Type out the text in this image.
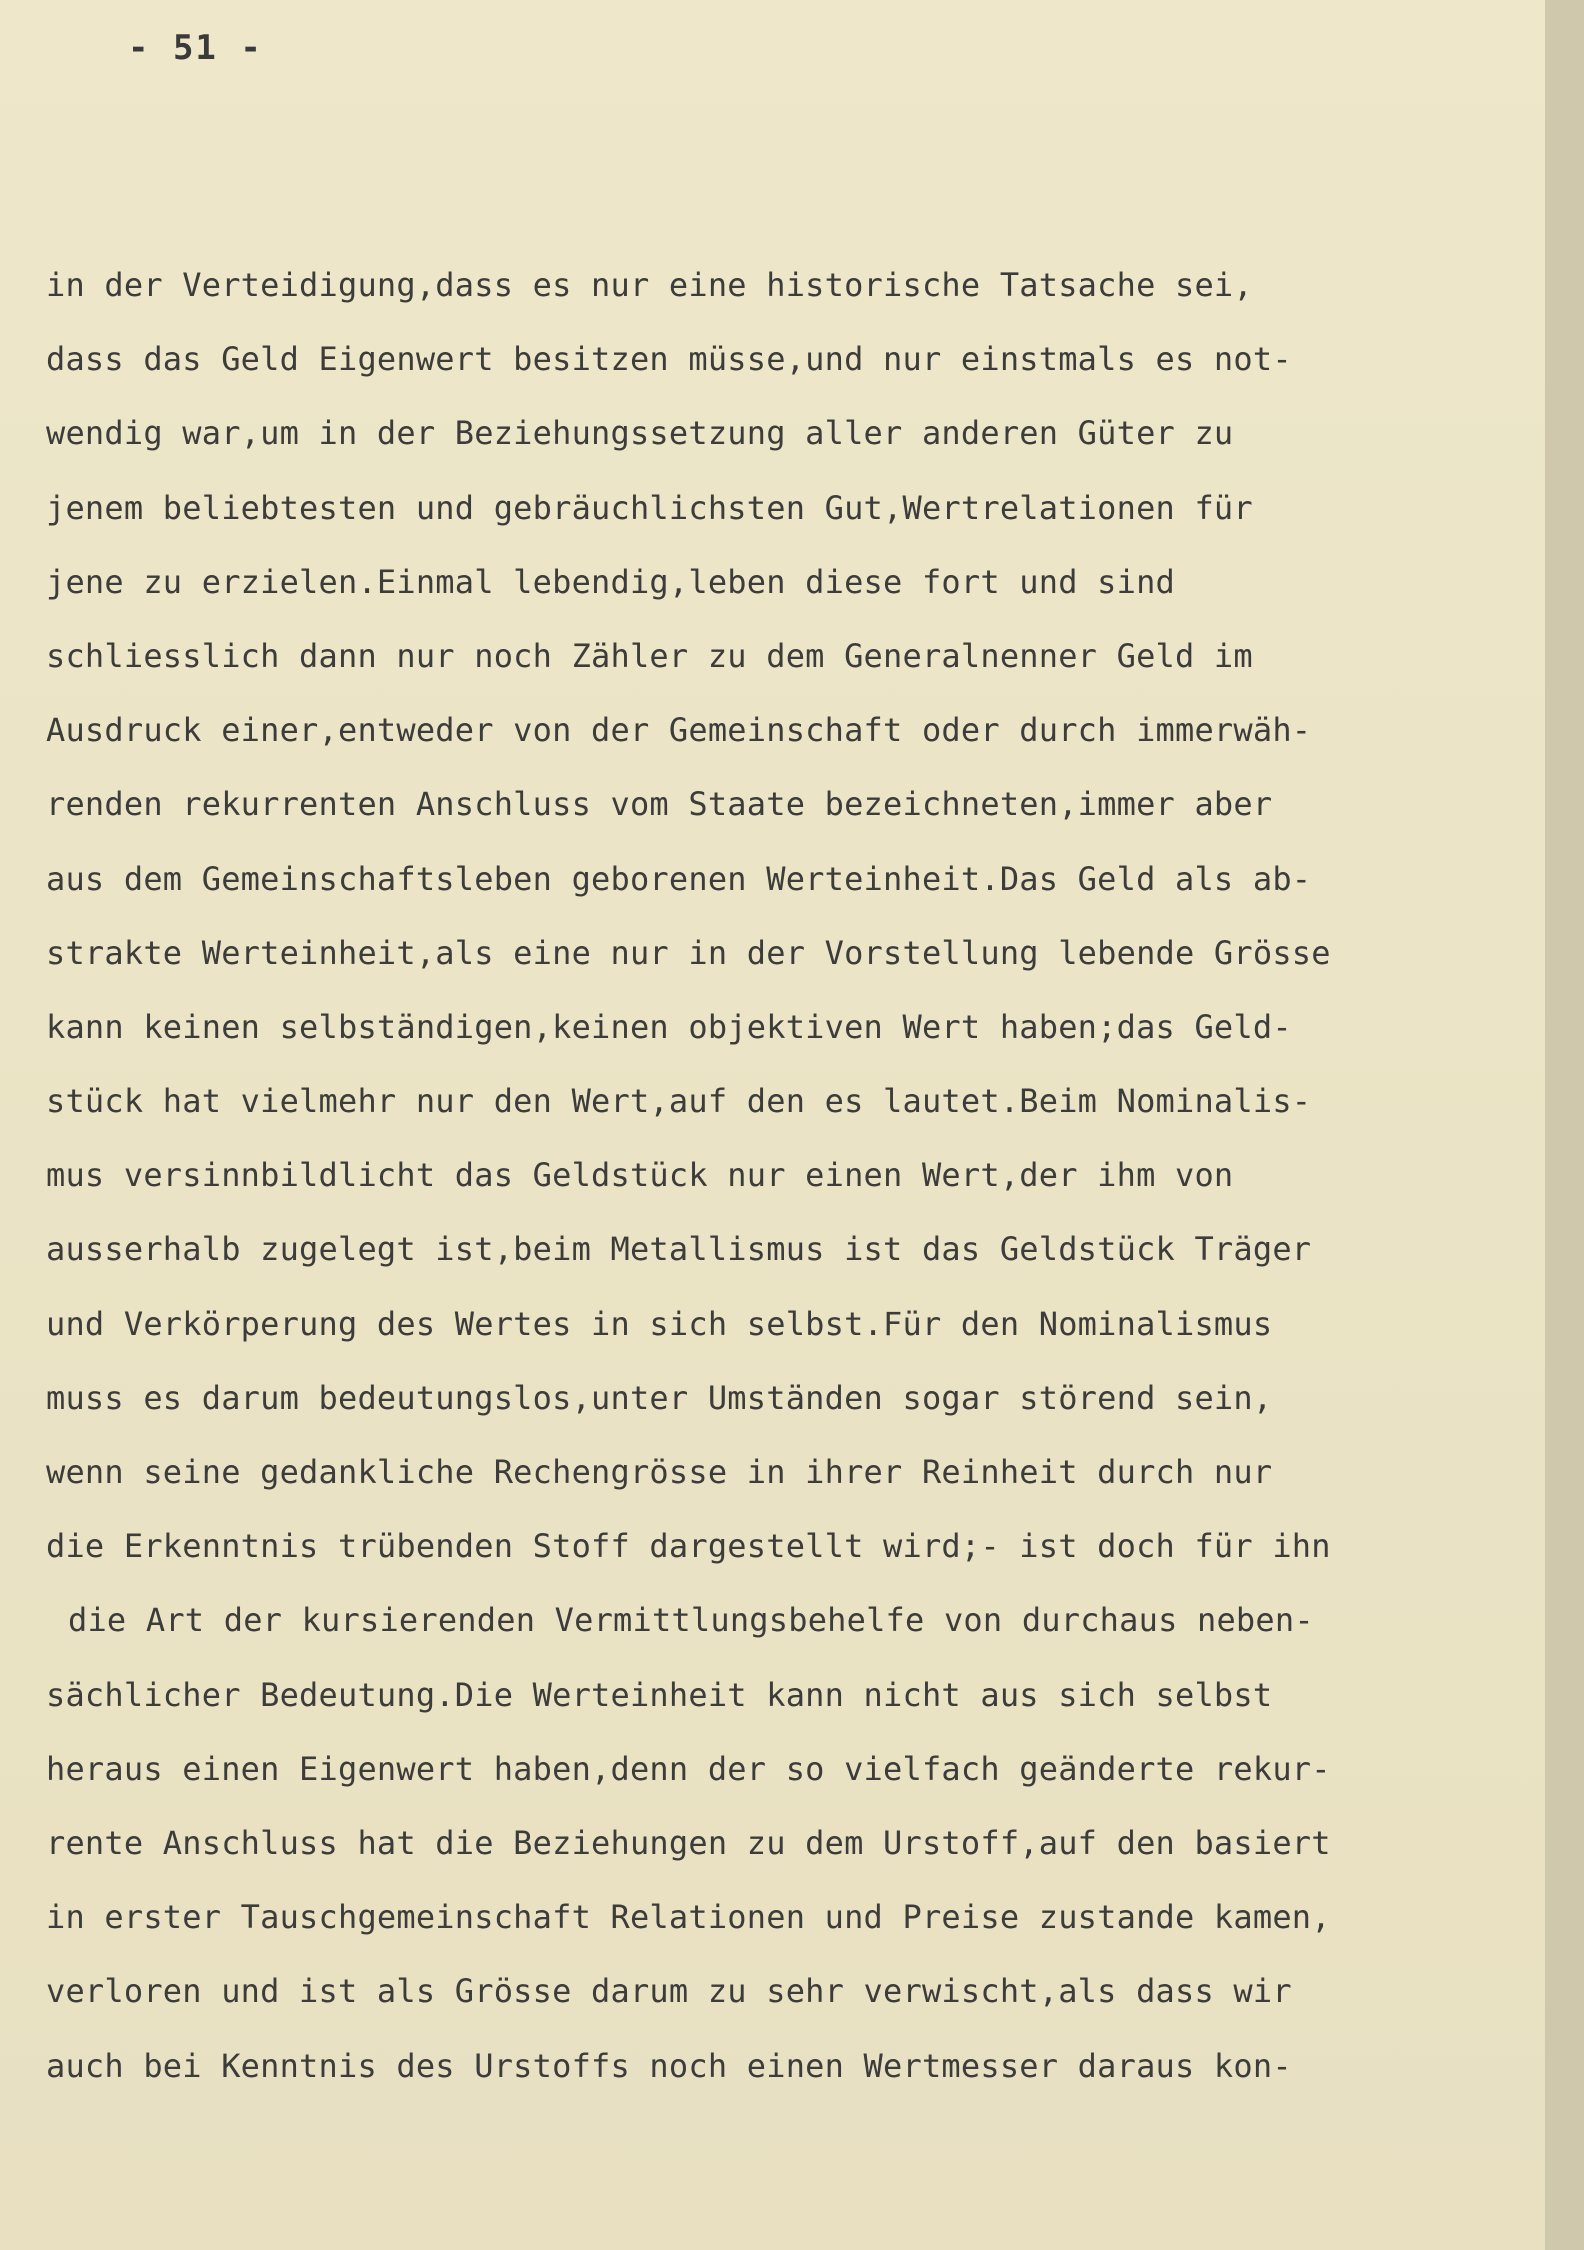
- 51 -
in der Verteidigung,dass es nur eine historische Tatsache sei,
dass das Geld Eigenwert besitzen müsse,und nur einstmals es not-
wendig war,um in der Beziehungssetzung aller anderen Güter zu
jenem beliebtesten und gebräuchlichsten Gut,Wertrelationen für
jene zu erzielen.Einmal lebendig,leben diese fort und sind
schliesslich dann nur noch Zähler zu dem Generalnenner Geld im
Ausdruck einer,entweder von der Gemeinschaft oder durch immerwäh-
renden rekurrenten Anschluss vom Staate bezeichneten,immer aber
aus dem Gemeinschaftsleben geborenen Werteinheit.Das Geld als ab-
strakte Werteinheit,als eine nur in der Vorstellung lebende Grösse
kann keinen selbständigen,keinen objektiven Wert haben;das Geld-
stück hat vielmehr nur den Wert,auf den es lautet.Beim Nominalis-
mus versinnbildlicht das Geldstück nur einen Wert,der ihm von
ausserhalb zugelegt ist,beim Metallismus ist das Geldstück Träger
und Verkörperung des Wertes in sich selbst.Für den Nominalismus
muss es darum bedeutungslos,unter Umständen sogar störend sein,
wenn seine gedankliche Rechengrösse in ihrer Reinheit durch nur
die Erkenntnis trübenden Stoff dargestellt wird;- ist doch für ihn
die Art der kursierenden Vermittlungsbehelfe von durchaus neben-
sächlicher Bedeutung.Die Werteinheit kann nicht aus sich selbst
heraus einen Eigenwert haben,denn der so vielfach geänderte rekur-
rente Anschluss hat die Beziehungen zu dem Urstoff,auf den basiert
in erster Tauschgemeinschaft Relationen und Preise zustande kamen,
verloren und ist als Grösse darum zu sehr verwischt,als dass wir
auch bei Kenntnis des Urstoffs noch einen Wertmesser daraus kon-
